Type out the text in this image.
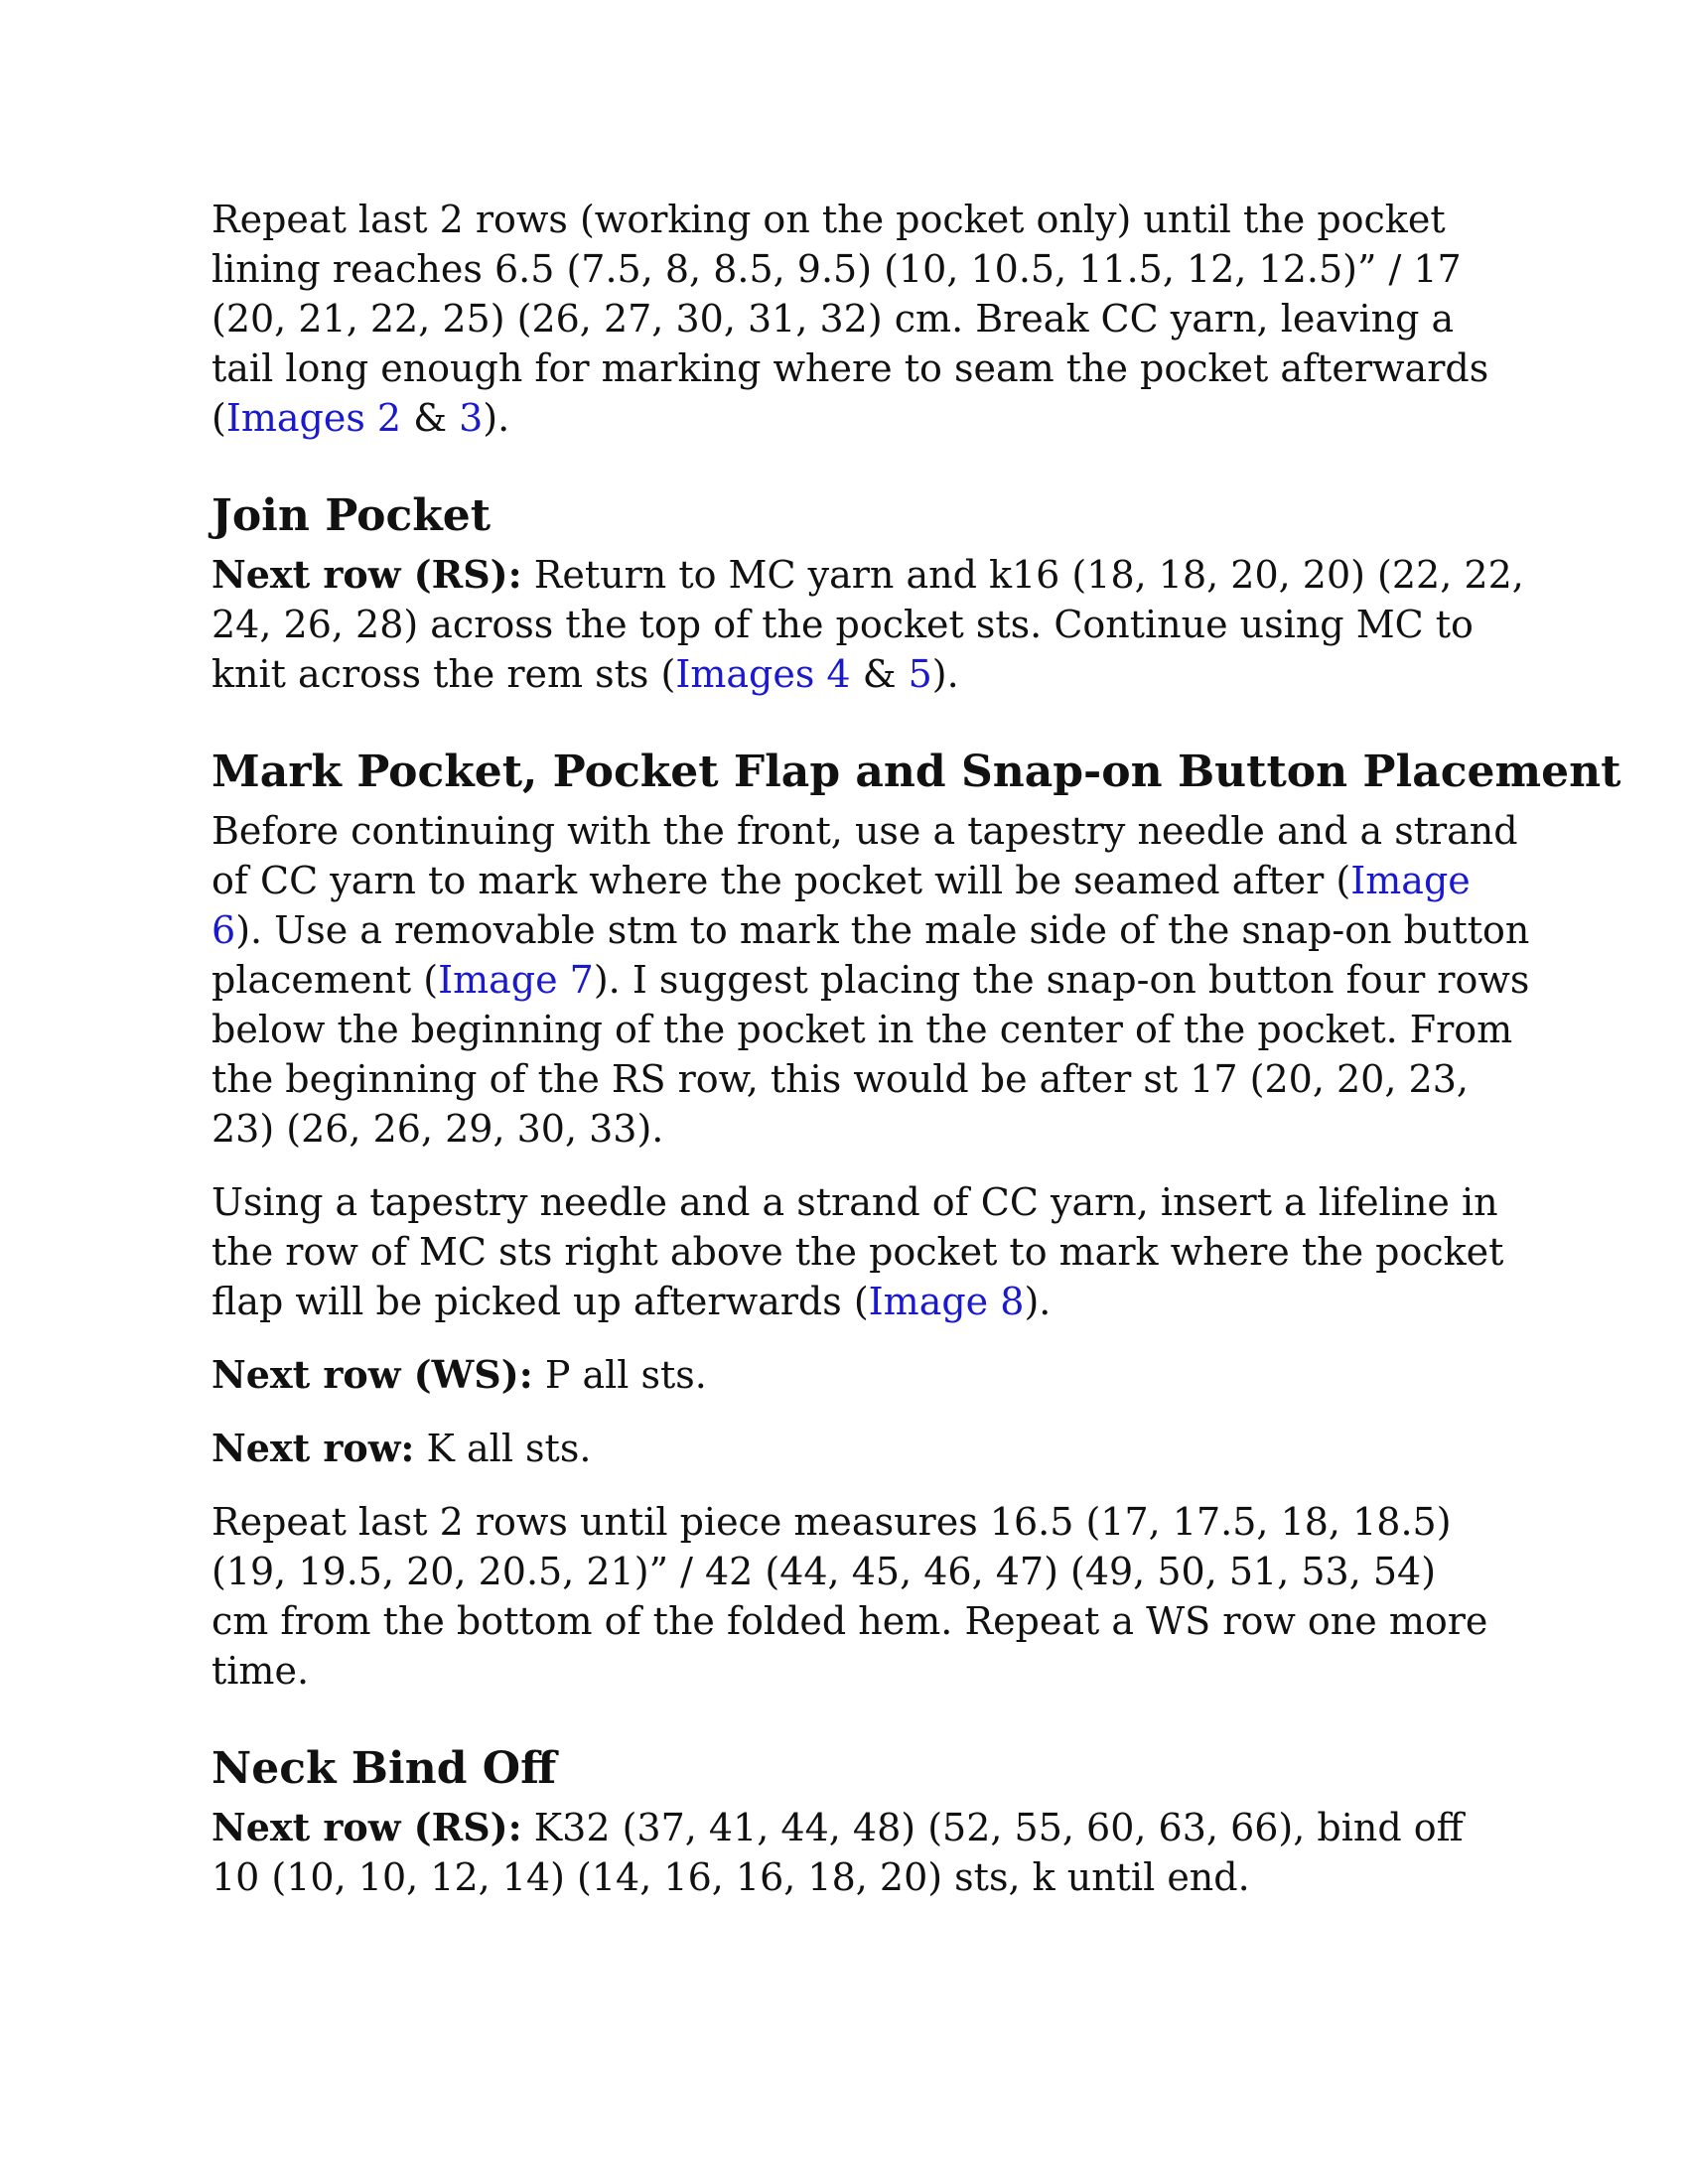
Repeat last 2 rows (working on the pocket only) until the pocket
lining reaches 6.5 (7.5, 8, 8.5, 9.5) (10, 10.5, 11.5, 12, 12.5)” / 17
(20, 21, 22, 25) (26, 27, 30, 31, 32) cm. Break CC yarn, leaving a
tail long enough for marking where to seam the pocket afterwards
(Images 2 & 3).

Join Pocket

Next row (RS): Return to MC yarn and k16 (18, 18, 20, 20) (22, 22,
24, 26, 28) across the top of the pocket sts. Continue using MC to
knit across the rem sts (Images 4 & 5).

Mark Pocket, Pocket Flap and Snap-on Button Placement

Before continuing with the front, use a tapestry needle and a strand
of CC yarn to mark where the pocket will be seamed after (Image
6). Use a removable stm to mark the male side of the snap-on button
placement (Image 7). I suggest placing the snap-on button four rows
below the beginning of the pocket in the center of the pocket. From
the beginning of the RS row, this would be after st 17 (20, 20, 23,
23) (26, 26, 29, 30, 33).

Using a tapestry needle and a strand of CC yarn, insert a lifeline in
the row of MC sts right above the pocket to mark where the pocket
flap will be picked up afterwards (Image 8).

Next row (WS): P all sts.

Next row: K all sts.

Repeat last 2 rows until piece measures 16.5 (17, 17.5, 18, 18.5)
(19, 19.5, 20, 20.5, 21)” / 42 (44, 45, 46, 47) (49, 50, 51, 53, 54)
cm from the bottom of the folded hem. Repeat a WS row one more
time.

Neck Bind Off

Next row (RS): K32 (37, 41, 44, 48) (52, 55, 60, 63, 66), bind off
10 (10, 10, 12, 14) (14, 16, 16, 18, 20) sts, k until end.
